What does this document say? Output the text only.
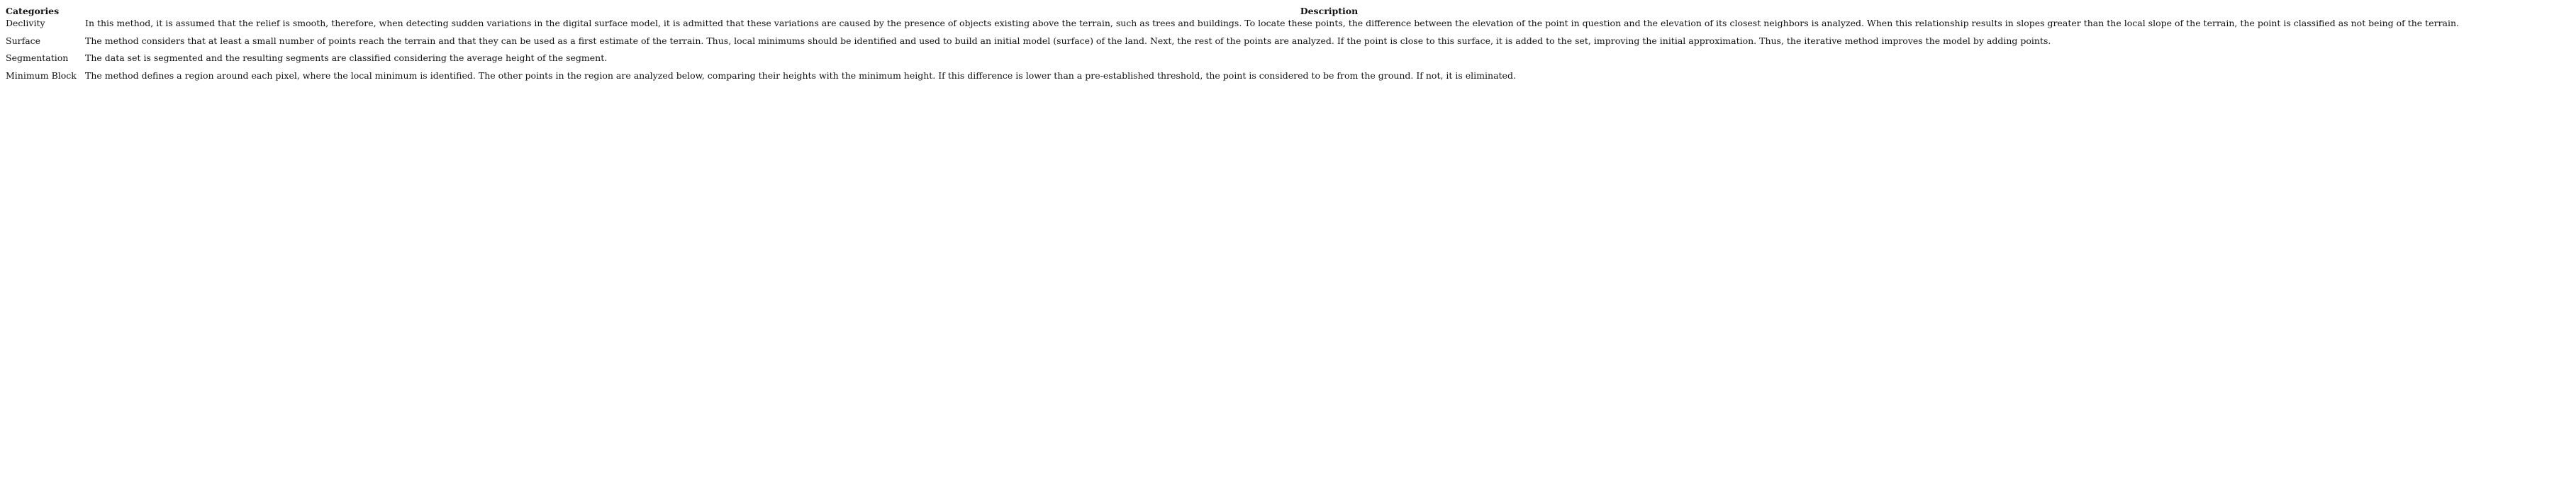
Categories	Description
Declivity	In this method, it is assumed that the relief is smooth, therefore, when detecting sudden variations in the digital surface model, it is admitted that these variations are caused by the presence of objects existing above the terrain, such as trees and buildings. To locate these points, the difference between the elevation of the point in question and the elevation of its closest neighbors is analyzed. When this relationship results in slopes greater than the local slope of the terrain, the point is classified as not being of the terrain.
Surface	The method considers that at least a small number of points reach the terrain and that they can be used as a first estimate of the terrain. Thus, local minimums should be identified and used to build an initial model (surface) of the land. Next, the rest of the points are analyzed. If the point is close to this surface, it is added to the set, improving the initial approximation. Thus, the iterative method improves the model by adding points.
Segmentation	The data set is segmented and the resulting segments are classified considering the average height of the segment.
Minimum Block	The method defines a region around each pixel, where the local minimum is identified. The other points in the region are analyzed below, comparing their heights with the minimum height. If this difference is lower than a pre-established threshold, the point is considered to be from the ground. If not, it is eliminated.
